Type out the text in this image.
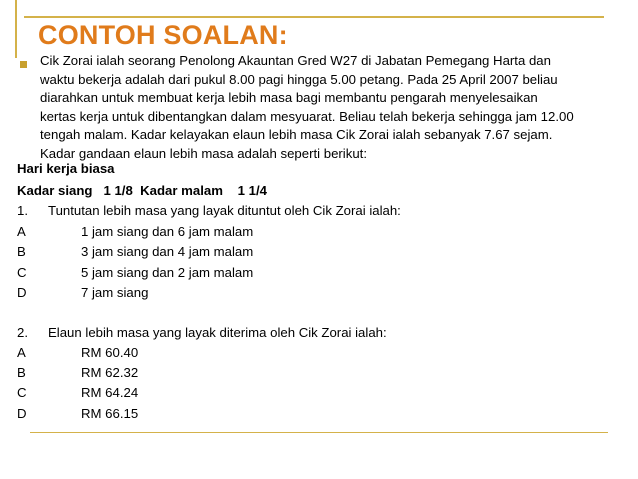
CONTOH SOALAN:
Cik Zorai ialah seorang Penolong Akauntan Gred W27 di Jabatan Pemegang Harta dan
waktu bekerja adalah dari pukul 8.00 pagi hingga 5.00 petang. Pada 25 April 2007 beliau
diarahkan untuk membuat kerja lebih masa bagi membantu pengarah menyelesaikan
kertas kerja untuk dibentangkan dalam mesyuarat. Beliau telah bekerja sehingga jam 12.00
tengah malam. Kadar kelayakan elaun lebih masa Cik Zorai ialah sebanyak 7.67 sejam.
Kadar gandaan elaun lebih masa adalah seperti berikut:
Hari kerja biasa
Kadar siang   1 1/8  Kadar malam    1 1/4
1. Tuntutan lebih masa yang layak dituntut oleh Cik Zorai ialah:
A	1 jam siang dan 6 jam malam
B	3 jam siang dan 4 jam malam
C	5 jam siang dan 2 jam malam
D	7 jam siang
2. Elaun lebih masa yang layak diterima oleh Cik Zorai ialah:
A	RM 60.40
B	RM 62.32
C	RM 64.24
D	RM 66.15
